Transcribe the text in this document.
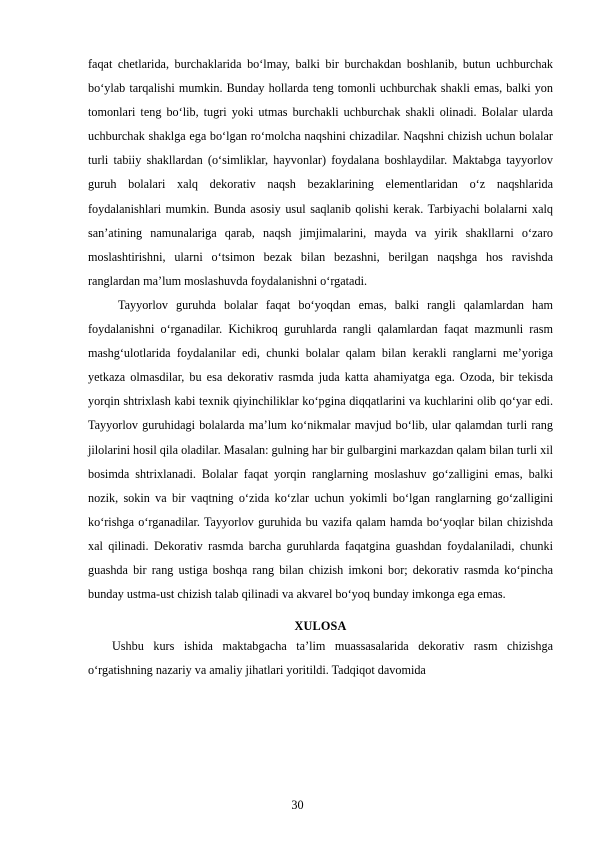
faqat chetlarida, burchaklarida bo‘lmay, balki bir burchakdan boshlanib, butun uchburchak bo‘ylab tarqalishi mumkin. Bunday hollarda teng tomonli uchburchak shakli emas, balki yon tomonlari teng bo‘lib, tugri yoki utmas burchakli uchburchak shakli olinadi. Bolalar ularda uchburchak shaklga ega bo‘lgan ro‘molcha naqshini chizadilar. Naqshni chizish uchun bolalar turli tabiiy shakllardan (o‘simliklar, hayvonlar) foydalana boshlaydilar. Maktabga tayyorlov guruh bolalari xalq dekorativ naqsh bezaklarining elementlaridan o‘z naqshlarida foydalanishlari mumkin. Bunda asosiy usul saqlanib qolishi kerak. Tarbiyachi bolalarni xalq san’atining namunalariga qarab, naqsh jimjimalarini, mayda va yirik shakllarni o‘zaro moslashtirishni, ularni o‘tsimon bezak bilan bezashni, berilgan naqshga hos ravishda ranglardan ma’lum moslashuvda foydalanishni o‘rgatadi.

Tayyorlov guruhda bolalar faqat bo‘yoqdan emas, balki rangli qalamlardan ham foydalanishni o‘rganadilar. Kichikroq guruhlarda rangli qalamlardan faqat mazmunli rasm mashg‘ulotlarida foydalanilar edi, chunki bolalar qalam bilan kerakli ranglarni me’yoriga yetkaza olmasdilar, bu esa dekorativ rasmda juda katta ahamiyatga ega. Ozoda, bir tekisda yorqin shtrixlash kabi texnik qiyinchiliklar ko‘pgina diqqatlarini va kuchlarini olib qo‘yar edi. Tayyorlov guruhidagi bolalarda ma’lum ko‘nikmalar mavjud bo‘lib, ular qalamdan turli rang jilolarini hosil qila oladilar. Masalan: gulning har bir gulbargini markazdan qalam bilan turli xil bosimda shtrixlanadi. Bolalar faqat yorqin ranglarning moslashuv go‘zalligini emas, balki nozik, sokin va bir vaqtning o‘zida ko‘zlar uchun yokimli bo‘lgan ranglarning go‘zalligini ko‘rishga o‘rganadilar. Tayyorlov guruhida bu vazifa qalam hamda bo‘yoqlar bilan chizishda xal qilinadi. Dekorativ rasmda barcha guruhlarda faqatgina guashdan foydalaniladi, chunki guashda bir rang ustiga boshqa rang bilan chizish imkoni bor; dekorativ rasmda ko‘pincha bunday ustma-ust chizish talab qilinadi va akvarel bo‘yoq bunday imkonga ega emas.

XULOSA

Ushbu kurs ishida maktabgacha ta’lim muassasalarida dekorativ rasm chizishga o‘rgatishning nazariy va amaliy jihatlari yoritildi. Tadqiqot davomida

30
